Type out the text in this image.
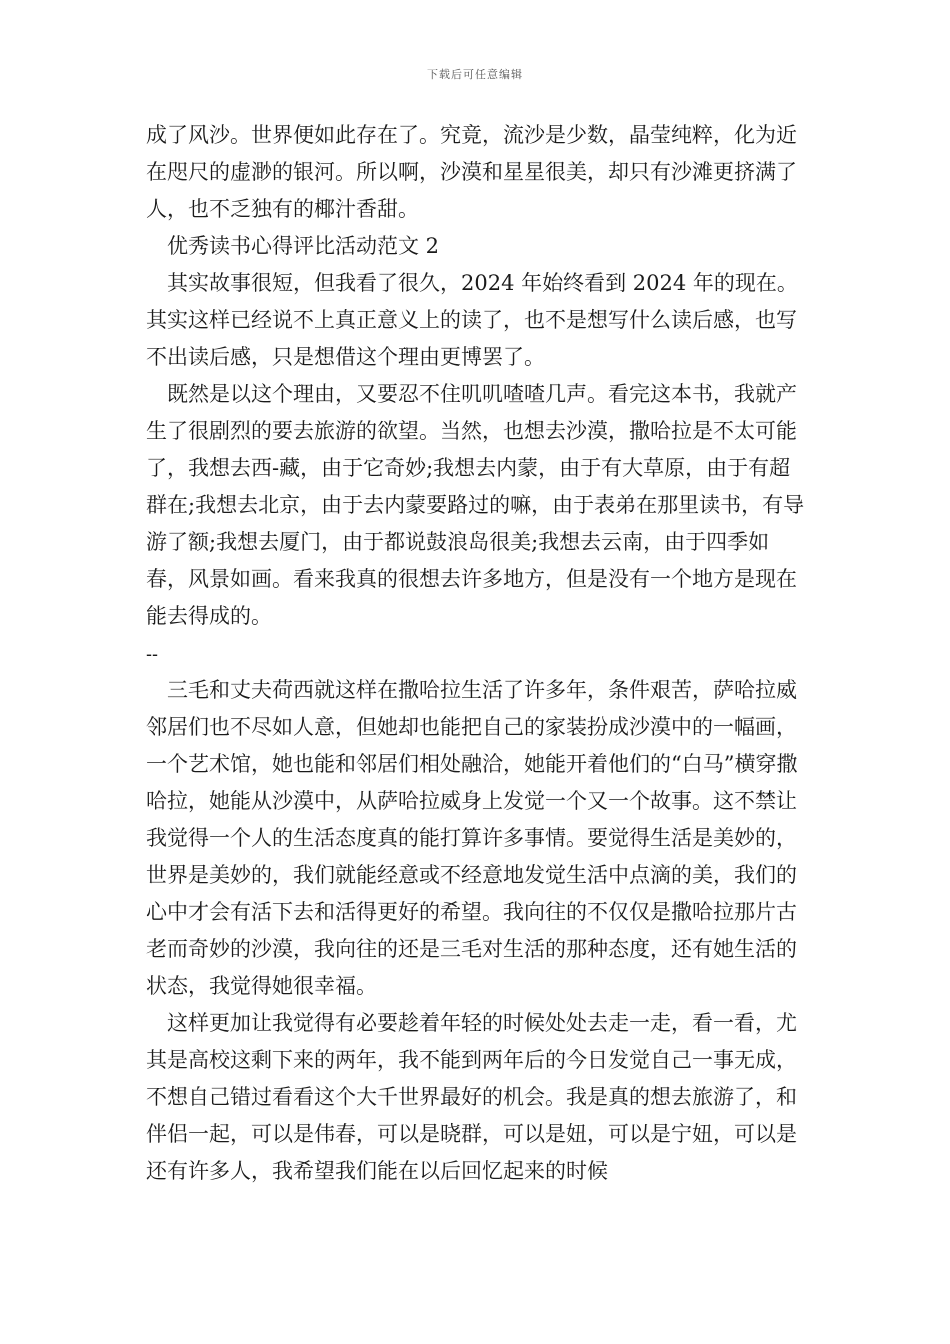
下载后可任意编辑

成了风沙。世界便如此存在了。究竟，流沙是少数，晶莹纯粹，化为近在咫尺的虚渺的银河。所以啊，沙漠和星星很美，却只有沙滩更挤满了人，也不乏独有的椰汁香甜。

优秀读书心得评比活动范文 2

其实故事很短，但我看了很久，2024 年始终看到 2024 年的现在。其实这样已经说不上真正意义上的读了，也不是想写什么读后感，也写不出读后感，只是想借这个理由更博罢了。

既然是以这个理由，又要忍不住叽叽喳喳几声。看完这本书，我就产生了很剧烈的要去旅游的欲望。当然，也想去沙漠，撒哈拉是不太可能了，我想去西-藏，由于它奇妙;我想去内蒙，由于有大草原，由于有超群在;我想去北京，由于去内蒙要路过的嘛，由于表弟在那里读书，有导游了额;我想去厦门，由于都说鼓浪岛很美;我想去云南，由于四季如春，风景如画。看来我真的很想去许多地方，但是没有一个地方是现在能去得成的。

--

三毛和丈夫荷西就这样在撒哈拉生活了许多年，条件艰苦，萨哈拉威邻居们也不尽如人意，但她却也能把自己的家装扮成沙漠中的一幅画，一个艺术馆，她也能和邻居们相处融洽，她能开着他们的“白马”横穿撒哈拉，她能从沙漠中，从萨哈拉威身上发觉一个又一个故事。这不禁让我觉得一个人的生活态度真的能打算许多事情。要觉得生活是美妙的，世界是美妙的，我们就能经意或不经意地发觉生活中点滴的美，我们的心中才会有活下去和活得更好的希望。我向往的不仅仅是撒哈拉那片古老而奇妙的沙漠，我向往的还是三毛对生活的那种态度，还有她生活的状态，我觉得她很幸福。

这样更加让我觉得有必要趁着年轻的时候处处去走一走，看一看，尤其是高校这剩下来的两年，我不能到两年后的今日发觉自己一事无成，不想自己错过看看这个大千世界最好的机会。我是真的想去旅游了，和伴侣一起，可以是伟春，可以是晓群，可以是妞，可以是宁妞，可以是还有许多人，我希望我们能在以后回忆起来的时候
